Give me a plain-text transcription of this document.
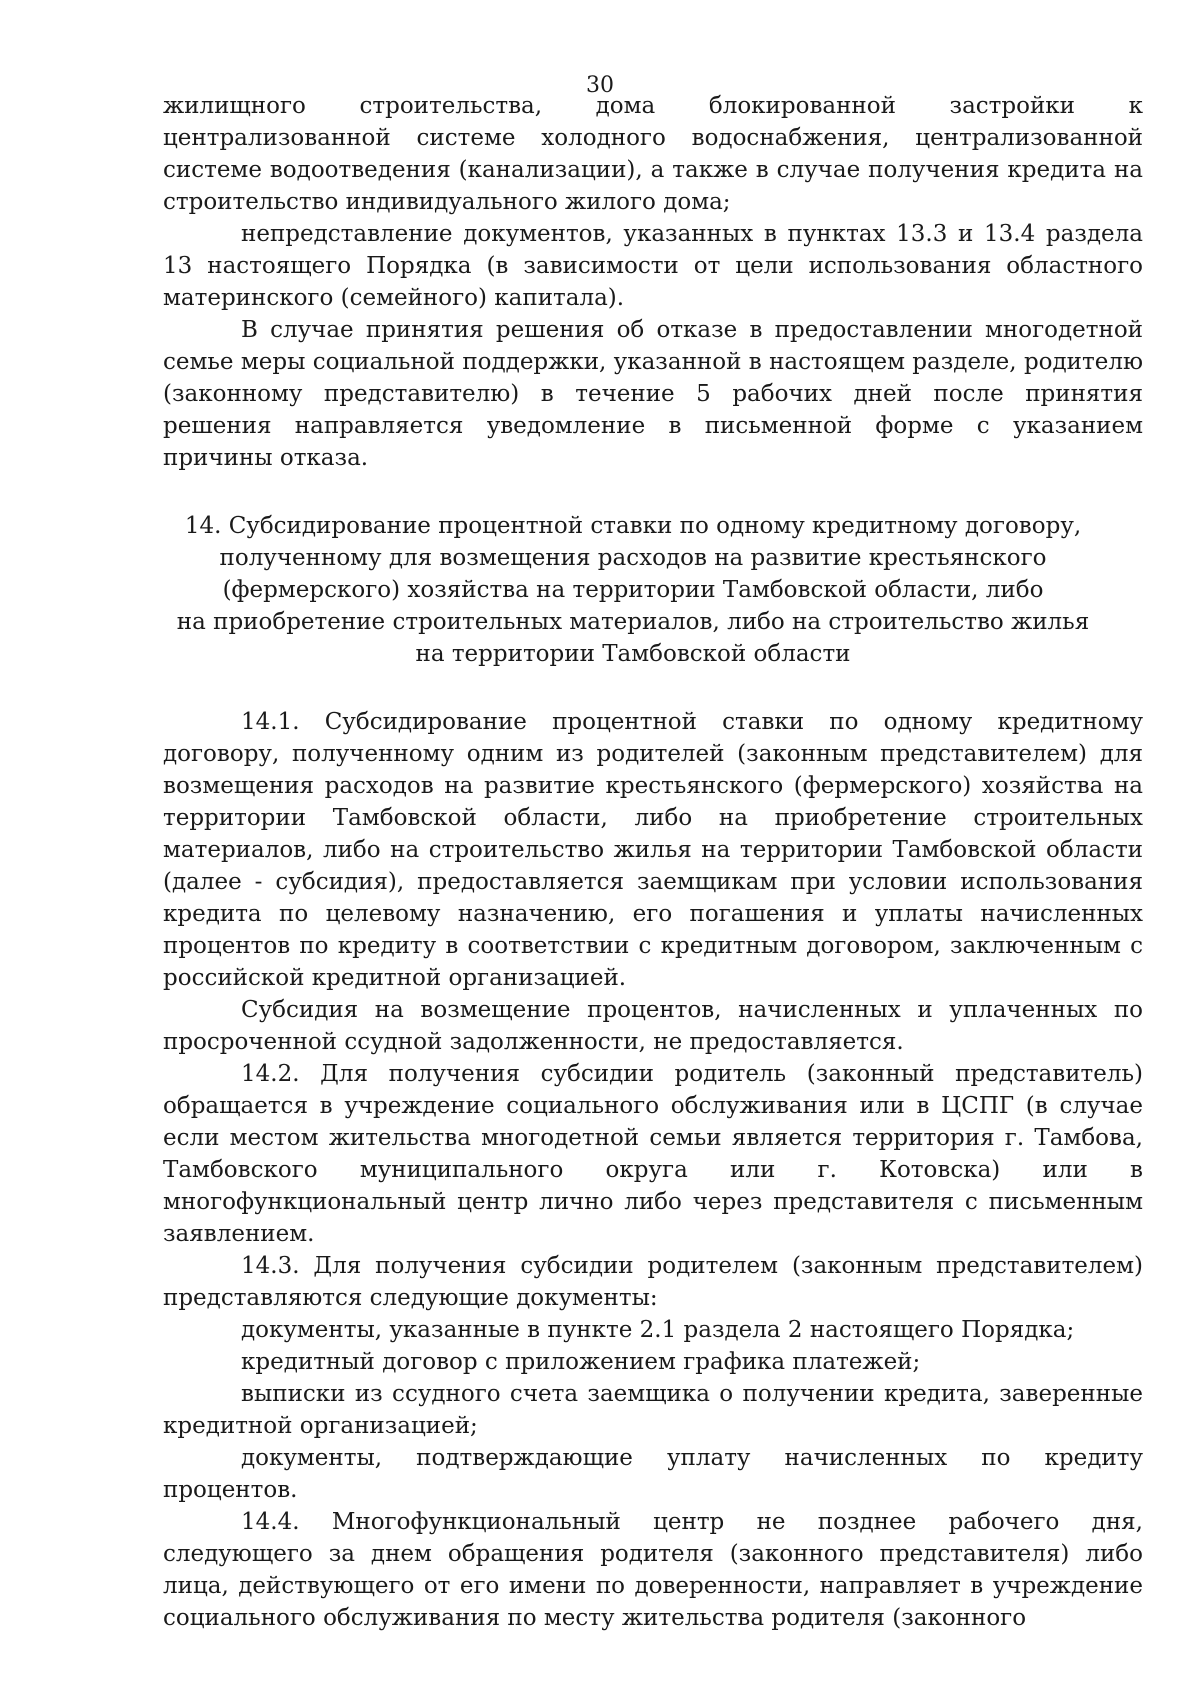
30

жилищного строительства, дома блокированной застройки к централизованной системе холодного водоснабжения, централизованной системе водоотведения (канализации), а также в случае получения кредита на строительство индивидуального жилого дома;

непредставление документов, указанных в пунктах 13.3 и 13.4 раздела 13 настоящего Порядка (в зависимости от цели использования областного материнского (семейного) капитала).

В случае принятия решения об отказе в предоставлении многодетной семье меры социальной поддержки, указанной в настоящем разделе, родителю (законному представителю) в течение 5 рабочих дней после принятия решения направляется уведомление в письменной форме с указанием причины отказа.

14. Субсидирование процентной ставки по одному кредитному договору,
полученному для возмещения расходов на развитие крестьянского
(фермерского) хозяйства на территории Тамбовской области, либо
на приобретение строительных материалов, либо на строительство жилья
на территории Тамбовской области

14.1. Субсидирование процентной ставки по одному кредитному договору, полученному одним из родителей (законным представителем) для возмещения расходов на развитие крестьянского (фермерского) хозяйства на территории Тамбовской области, либо на приобретение строительных материалов, либо на строительство жилья на территории Тамбовской области (далее - субсидия), предоставляется заемщикам при условии использования кредита по целевому назначению, его погашения и уплаты начисленных процентов по кредиту в соответствии с кредитным договором, заключенным с российской кредитной организацией.

Субсидия на возмещение процентов, начисленных и уплаченных по просроченной ссудной задолженности, не предоставляется.

14.2. Для получения субсидии родитель (законный представитель) обращается в учреждение социального обслуживания или в ЦСПГ (в случае если местом жительства многодетной семьи является территория г. Тамбова, Тамбовского муниципального округа или г. Котовска) или в многофункциональный центр лично либо через представителя с письменным заявлением.

14.3. Для получения субсидии родителем (законным представителем) представляются следующие документы:

документы, указанные в пункте 2.1 раздела 2 настоящего Порядка;

кредитный договор с приложением графика платежей;

выписки из ссудного счета заемщика о получении кредита, заверенные кредитной организацией;

документы, подтверждающие уплату начисленных по кредиту процентов.

14.4. Многофункциональный центр не позднее рабочего дня, следующего за днем обращения родителя (законного представителя) либо лица, действующего от его имени по доверенности, направляет в учреждение социального обслуживания по месту жительства родителя (законного
